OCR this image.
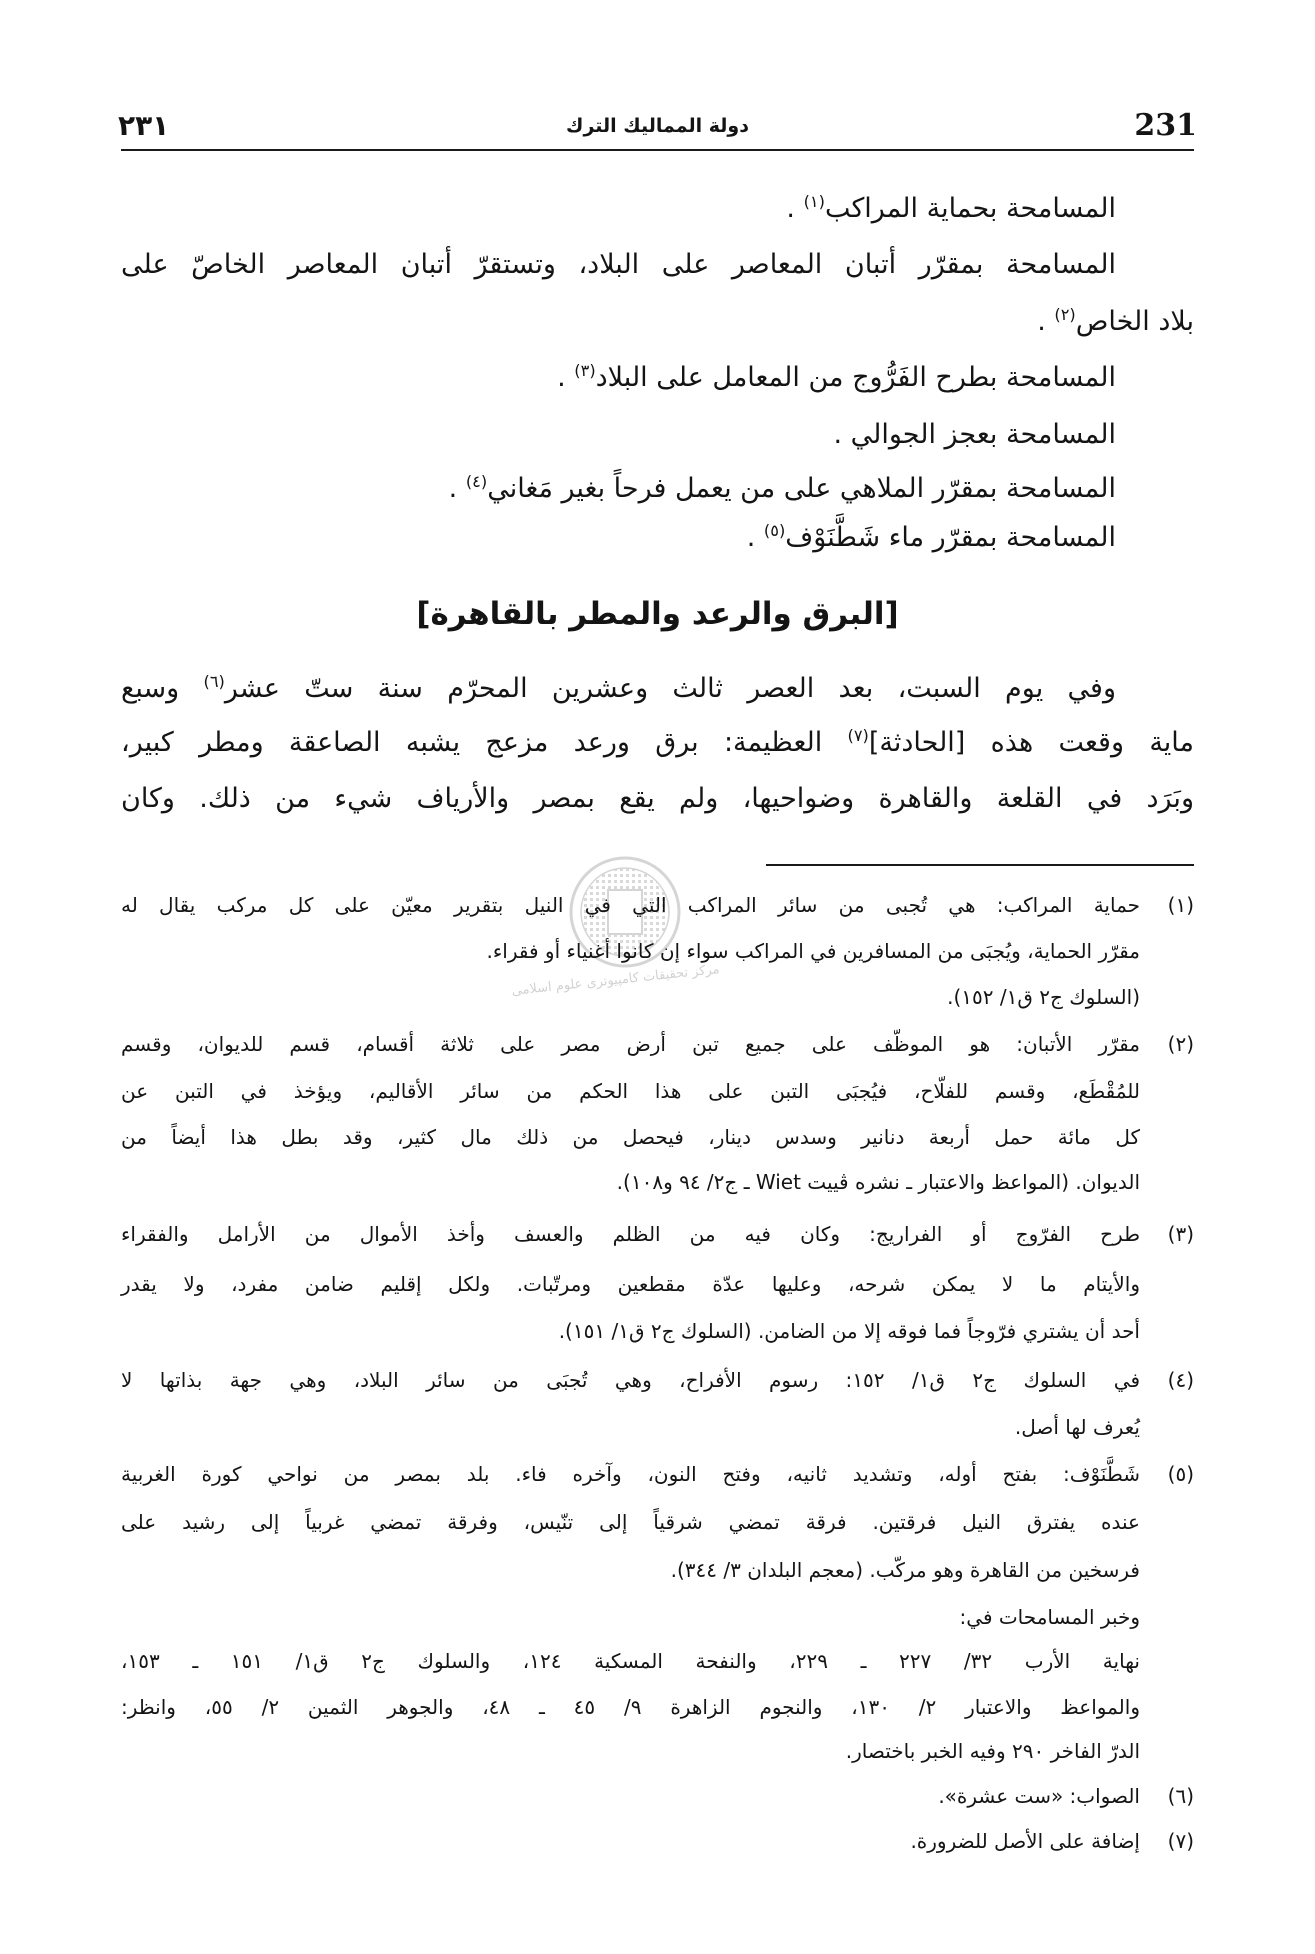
مرکز تحقیقات کامپیوتری علوم اسلامی
231
دولة المماليك الترك
٢٣١
المسامحة بحماية المراكب$^{(١)}$ .
المسامحة بمقرّر أتبان المعاصر على البلاد، وتستقرّ أتبان المعاصر الخاصّ على
بلاد الخاص$^{(٢)}$ .
المسامحة بطرح الفَرُّوج من المعامل على البلاد$^{(٣)}$ .
المسامحة بعجز الجوالي .
المسامحة بمقرّر الملاهي على من يعمل فرحاً بغير مَغاني$^{(٤)}$ .
المسامحة بمقرّر ماء شَطَّنَوْف$^{(٥)}$ .
[البرق والرعد والمطر بالقاهرة]
وفي يوم السبت، بعد العصر ثالث وعشرين المحرّم سنة ستّ عشر$^{(٦)}$ وسبع
ماية وقعت هذه [الحادثة]$^{(٧)}$ العظيمة: برق ورعد مزعج يشبه الصاعقة ومطر كبير،
وبَرَد في القلعة والقاهرة وضواحيها، ولم يقع بمصر والأرياف شيء من ذلك. وكان
(١)
حماية المراكب: هي تُجبى من سائر المراكب التي في النيل بتقرير معيّن على كل مركب يقال له
مقرّر الحماية، ويُجبَى من المسافرين في المراكب سواء إن كانوا أغنياء أو فقراء.
(السلوك ج٢ ق١/ ١٥٢).
(٢)
مقرّر الأتبان: هو الموظّف على جميع تبن أرض مصر على ثلاثة أقسام، قسم للديوان، وقسم
للمُقْطَع، وقسم للفلّاح، فيُجبَى التبن على هذا الحكم من سائر الأقاليم، ويؤخذ في التبن عن
كل مائة حمل أربعة دنانير وسدس دينار، فيحصل من ذلك مال كثير، وقد بطل هذا أيضاً من
الديوان. (المواعظ والاعتبار ـ نشره ڤييت Wiet ـ ج٢/ ٩٤ و١٠٨).
(٣)
طرح الفرّوج أو الفراريج: وكان فيه من الظلم والعسف وأخذ الأموال من الأرامل والفقراء
والأيتام ما لا يمكن شرحه، وعليها عدّة مقطعين ومرتّبات. ولكل إقليم ضامن مفرد، ولا يقدر
أحد أن يشتري فرّوجاً فما فوقه إلا من الضامن. (السلوك ج٢ ق١/ ١٥١).
(٤)
في السلوك ج٢ ق١/ ١٥٢: رسوم الأفراح، وهي تُجبَى من سائر البلاد، وهي جهة بذاتها لا
يُعرف لها أصل.
(٥)
شَطَّنَوْف: بفتح أوله، وتشديد ثانيه، وفتح النون، وآخره فاء. بلد بمصر من نواحي كورة الغربية
عنده يفترق النيل فرقتين. فرقة تمضي شرقياً إلى تنّيس، وفرقة تمضي غربياً إلى رشيد على
فرسخين من القاهرة وهو مركّب. (معجم البلدان ٣/ ٣٤٤).
وخبر المسامحات في:
نهاية الأرب ٣٢/ ٢٢٧ ـ ٢٢٩، والنفحة المسكية ١٢٤، والسلوك ج٢ ق١/ ١٥١ ـ ١٥٣،
والمواعظ والاعتبار ٢/ ١٣٠، والنجوم الزاهرة ٩/ ٤٥ ـ ٤٨، والجوهر الثمين ٢/ ٥٥، وانظر:
الدرّ الفاخر ٢٩٠ وفيه الخبر باختصار.
(٦)
الصواب: «ست عشرة».
(٧)
إضافة على الأصل للضرورة.
